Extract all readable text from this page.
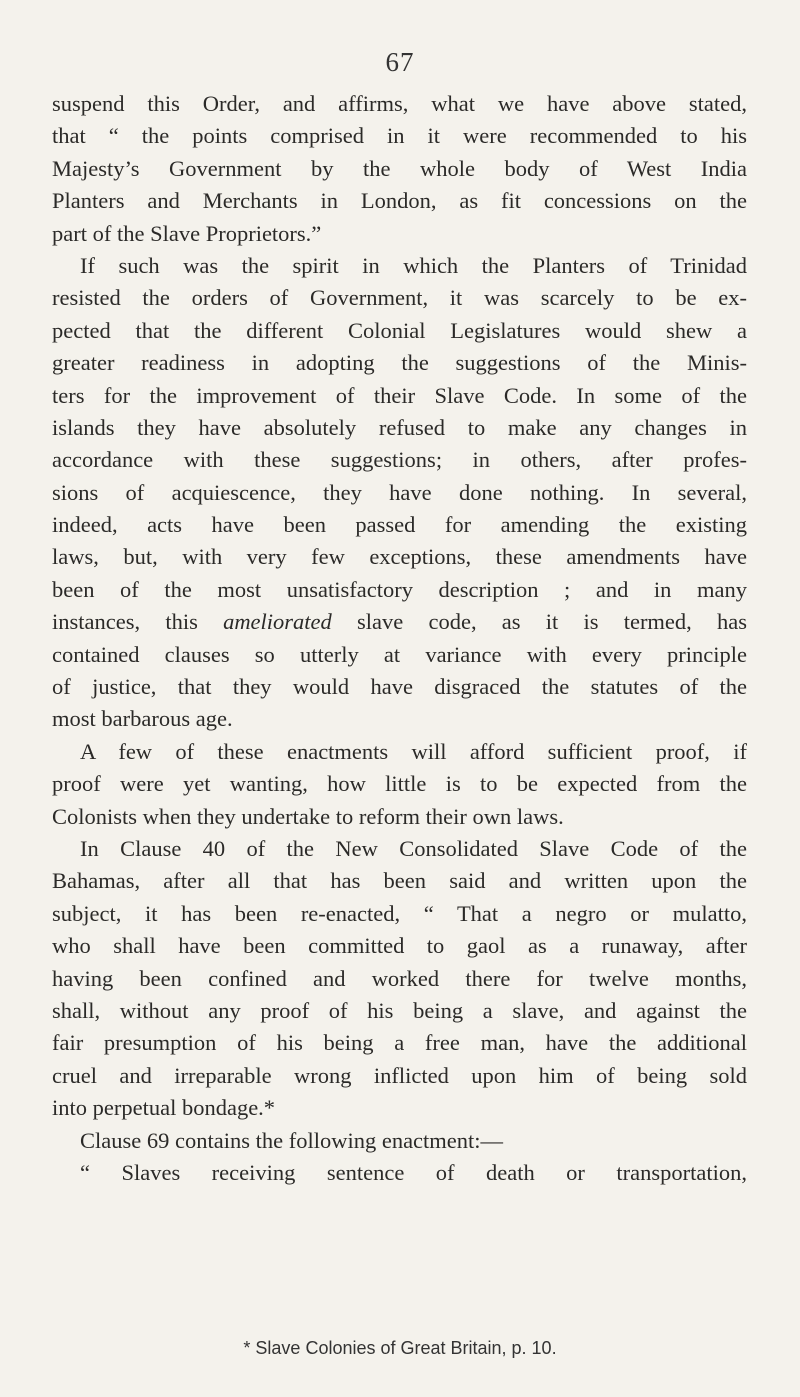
67
suspend this Order, and affirms, what we have above stated,
that “ the points comprised in it were recommended to his
Majesty’s Government by the whole body of West India
Planters and Merchants in London, as fit concessions on the
part of the Slave Proprietors.”
If such was the spirit in which the Planters of Trinidad
resisted the orders of Government, it was scarcely to be ex-
pected that the different Colonial Legislatures would shew a
greater readiness in adopting the suggestions of the Minis-
ters for the improvement of their Slave Code. In some of the
islands they have absolutely refused to make any changes in
accordance with these suggestions; in others, after profes-
sions of acquiescence, they have done nothing. In several,
indeed, acts have been passed for amending the existing
laws, but, with very few exceptions, these amendments have
been of the most unsatisfactory description ; and in many
instances, this ameliorated slave code, as it is termed, has
contained clauses so utterly at variance with every principle
of justice, that they would have disgraced the statutes of the
most barbarous age.
A few of these enactments will afford sufficient proof, if
proof were yet wanting, how little is to be expected from the
Colonists when they undertake to reform their own laws.
In Clause 40 of the New Consolidated Slave Code of the
Bahamas, after all that has been said and written upon the
subject, it has been re-enacted, “ That a negro or mulatto,
who shall have been committed to gaol as a runaway, after
having been confined and worked there for twelve months,
shall, without any proof of his being a slave, and against the
fair presumption of his being a free man, have the additional
cruel and irreparable wrong inflicted upon him of being sold
into perpetual bondage.*
Clause 69 contains the following enactment:—
“ Slaves receiving sentence of death or transportation,
* Slave Colonies of Great Britain, p. 10.
